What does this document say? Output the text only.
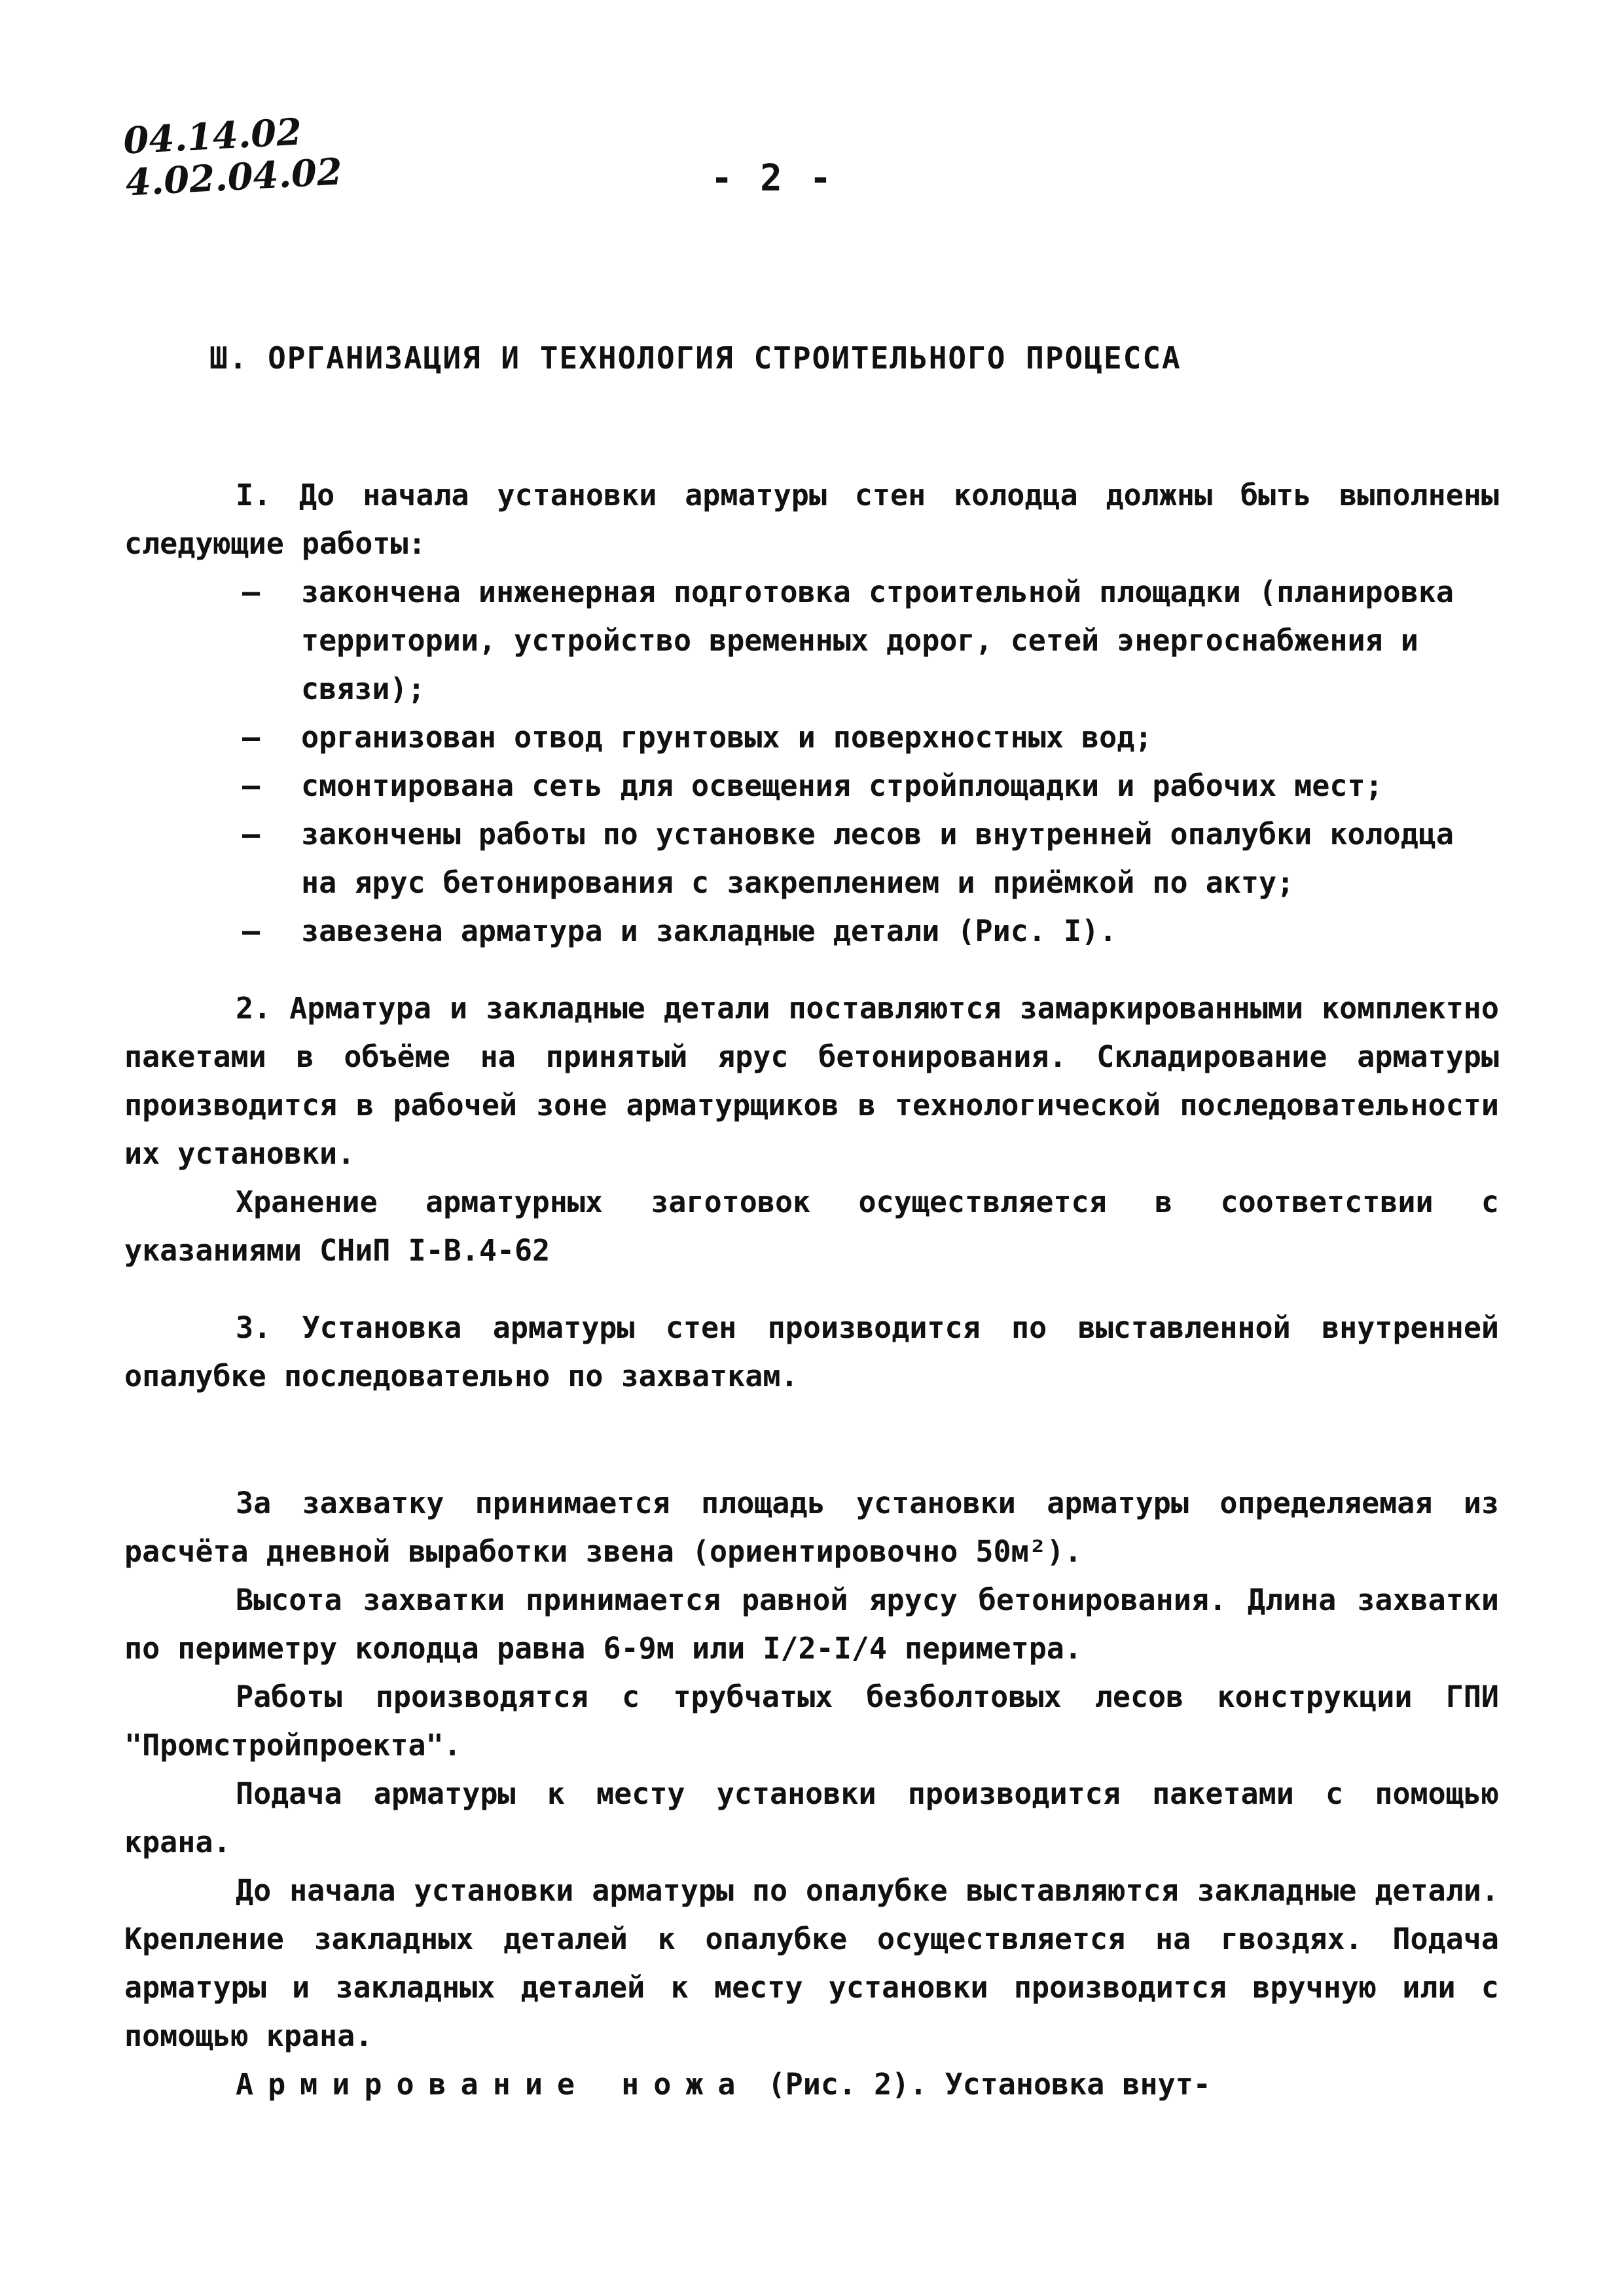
04.14.02
4.02.04.02	- 2 -
Ш. ОРГАНИЗАЦИЯ И ТЕХНОЛОГИЯ СТРОИТЕЛЬНОГО ПРОЦЕССА

I. До начала установки арматуры стен колодца должны быть выполнены следующие работы:

– закончена инженерная подготовка строительной площадки (планировка территории, устройство временных дорог, сетей энергоснабжения и связи);
– организован отвод грунтовых и поверхностных вод;
– смонтирована сеть для освещения стройплощадки и рабочих мест;
– закончены работы по установке лесов и внутренней опалубки колодца на ярус бетонирования с закреплением и приёмкой по акту;
– завезена арматура и закладные детали (Рис. I).

2. Арматура и закладные детали поставляются замаркированными комплектно пакетами в объёме на принятый ярус бетонирования. Складирование арматуры производится в рабочей зоне арматурщиков в технологической последовательности их установки.

Хранение арматурных заготовок осуществляется в соответствии с указаниями СНиП I-В.4-62

3. Установка арматуры стен производится по выставленной внутренней опалубке последовательно по захваткам.

За захватку принимается площадь установки арматуры определяемая из расчёта дневной выработки звена (ориентировочно 50м²).

Высота захватки принимается равной ярусу бетонирования. Длина захватки по периметру колодца равна 6-9м или I/2-I/4 периметра.

Работы производятся с трубчатых безболтовых лесов конструкции ГПИ "Промстройпроекта".

Подача арматуры к месту установки производится пакетами с помощью крана.

До начала установки арматуры по опалубке выставляются закладные детали. Крепление закладных деталей к опалубке осуществляется на гвоздях. Подача арматуры и закладных деталей к месту установки производится вручную или с помощью крана.

Армирование ножа (Рис. 2). Установка внут-
